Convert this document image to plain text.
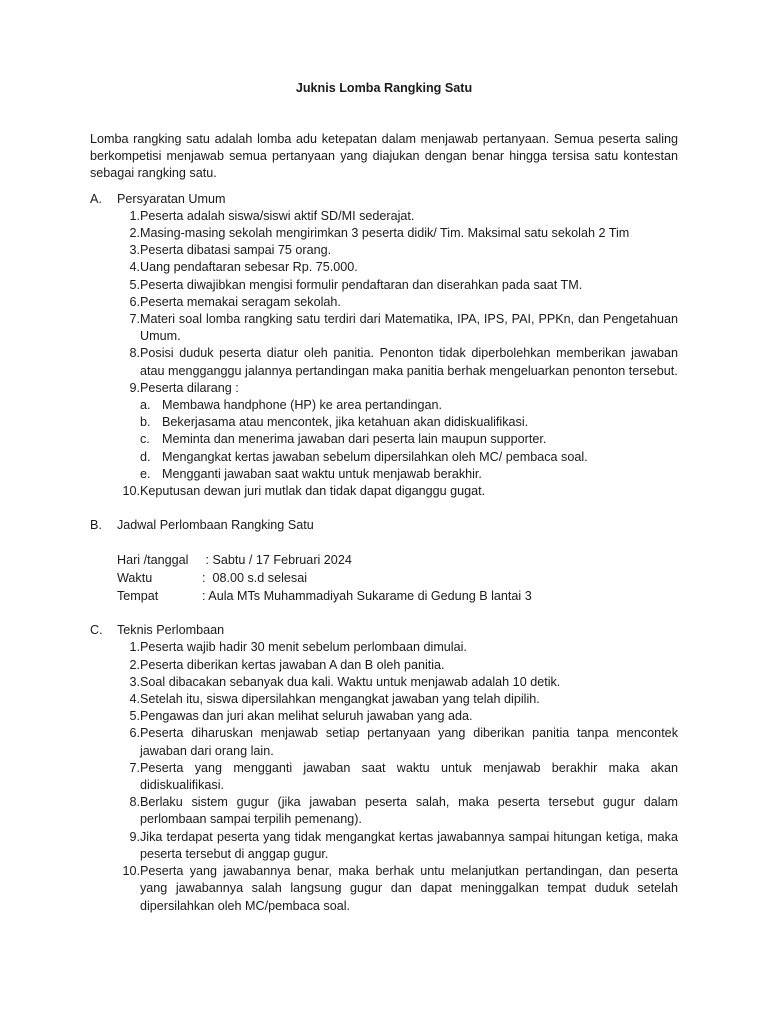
Juknis Lomba Rangking Satu

Lomba rangking satu adalah lomba adu ketepatan dalam menjawab pertanyaan. Semua peserta saling berkompetisi menjawab semua pertanyaan yang diajukan dengan benar hingga tersisa satu kontestan sebagai rangking satu.

A.	Persyaratan Umum
1. Peserta adalah siswa/siswi aktif SD/MI sederajat.
2. Masing-masing sekolah mengirimkan 3 peserta didik/ Tim. Maksimal satu sekolah 2 Tim
3. Peserta dibatasi sampai 75 orang.
4. Uang pendaftaran sebesar Rp. 75.000.
5. Peserta diwajibkan mengisi formulir pendaftaran dan diserahkan pada saat TM.
6. Peserta memakai seragam sekolah.
7. Materi soal lomba rangking satu terdiri dari Matematika, IPA, IPS, PAI, PPKn, dan Pengetahuan Umum.
8. Posisi duduk peserta diatur oleh panitia. Penonton tidak diperbolehkan memberikan jawaban atau mengganggu jalannya pertandingan maka panitia berhak mengeluarkan penonton tersebut.
9. Peserta dilarang :
a. Membawa handphone (HP) ke area pertandingan.
b. Bekerjasama atau mencontek, jika ketahuan akan didiskualifikasi.
c. Meminta dan menerima jawaban dari peserta lain maupun supporter.
d. Mengangkat kertas jawaban sebelum dipersilahkan oleh MC/ pembaca soal.
e. Mengganti jawaban saat waktu untuk menjawab berakhir.
10. Keputusan dewan juri mutlak dan tidak dapat diganggu gugat.
B.	Jadwal Perlombaan Rangking Satu
Hari /tanggal	: Sabtu / 17 Februari 2024
Waktu	:  08.00 s.d selesai
Tempat	: Aula MTs Muhammadiyah Sukarame di Gedung B lantai 3
C.	Teknis Perlombaan
1. Peserta wajib hadir 30 menit sebelum perlombaan dimulai.
2. Peserta diberikan kertas jawaban A dan B oleh panitia.
3. Soal dibacakan sebanyak dua kali. Waktu untuk menjawab adalah 10 detik.
4. Setelah itu, siswa dipersilahkan mengangkat jawaban yang telah dipilih.
5. Pengawas dan juri akan melihat seluruh jawaban yang ada.
6. Peserta diharuskan menjawab setiap pertanyaan yang diberikan panitia tanpa mencontek jawaban dari orang lain.
7. Peserta yang mengganti jawaban saat waktu untuk menjawab berakhir maka akan didiskualifikasi.
8. Berlaku sistem gugur (jika jawaban peserta salah, maka peserta tersebut gugur dalam perlombaan sampai terpilih pemenang).
9. Jika terdapat peserta yang tidak mengangkat kertas jawabannya sampai hitungan ketiga, maka peserta tersebut di anggap gugur.
10. Peserta yang jawabannya benar, maka berhak untu melanjutkan pertandingan, dan peserta yang jawabannya salah langsung gugur dan dapat meninggalkan tempat duduk setelah dipersilahkan oleh MC/pembaca soal.
